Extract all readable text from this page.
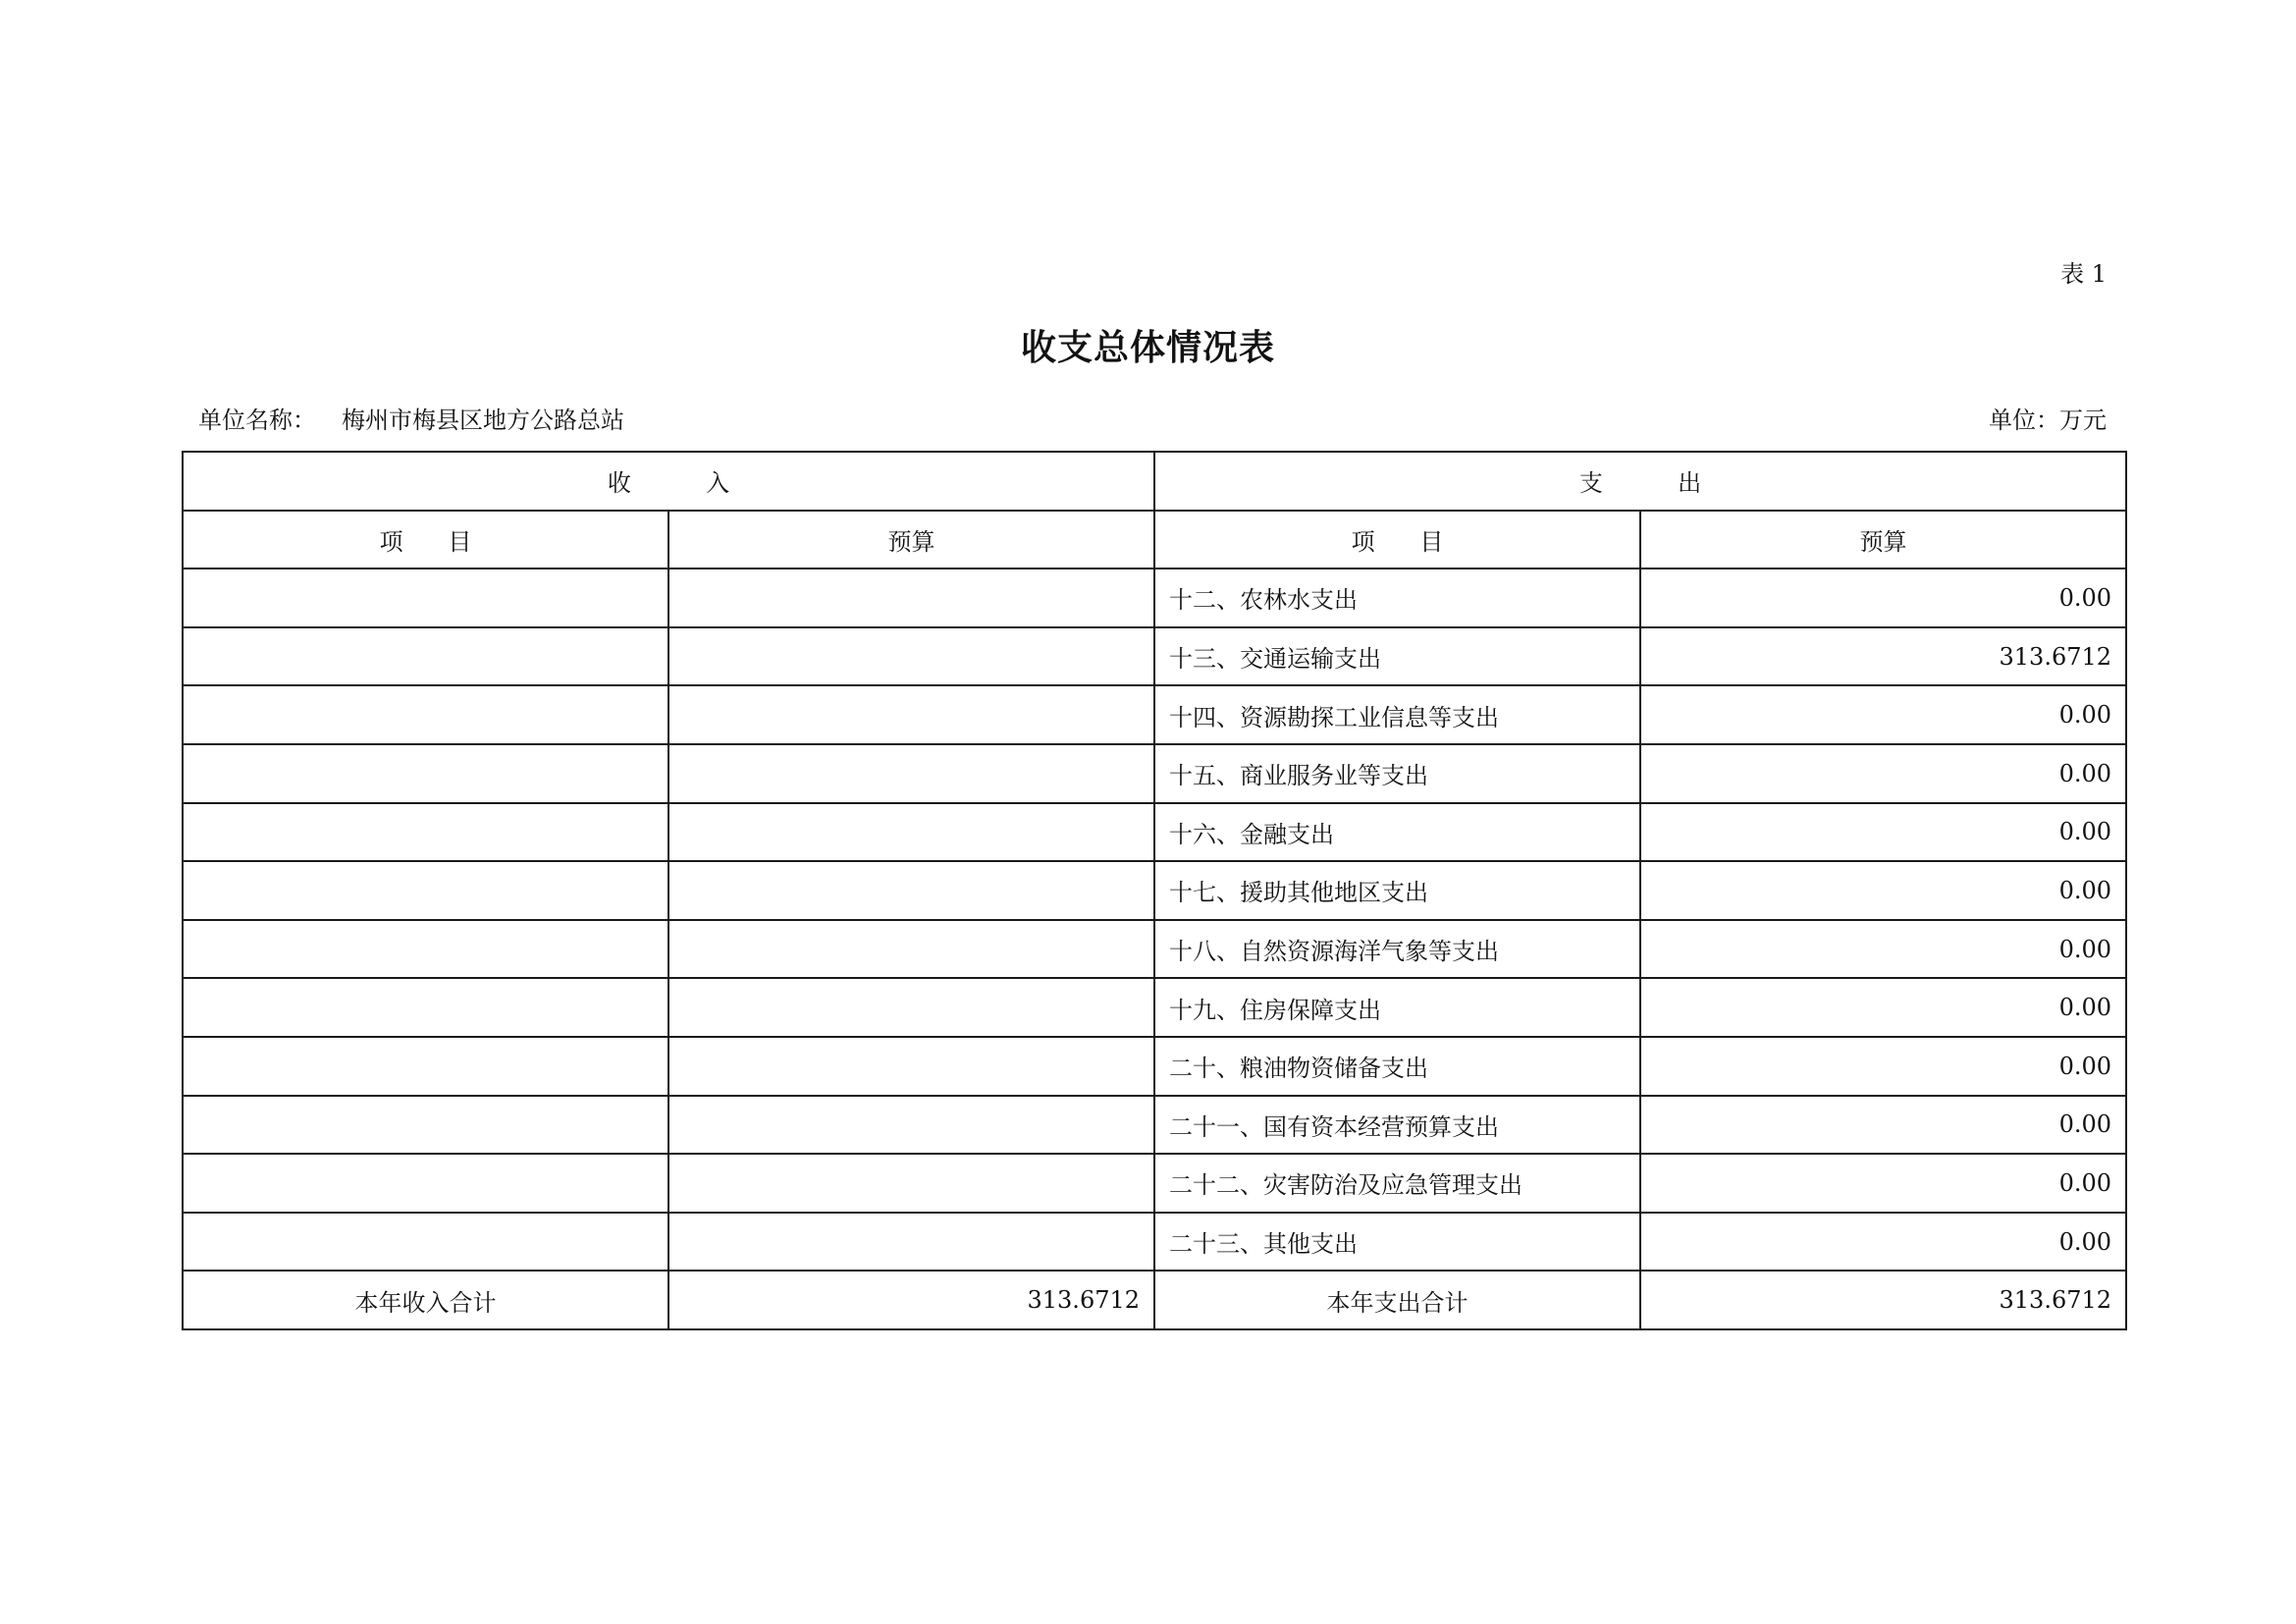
表 1
收支总体情况表
单位名称： 梅州市梅县区地方公路总站	单位：万元
收          入		支          出	
项      目	预算	项      目	预算
		十二、农林水支出	0.00
		十三、交通运输支出	313.6712
		十四、资源勘探工业信息等支出	0.00
		十五、商业服务业等支出	0.00
		十六、金融支出	0.00
		十七、援助其他地区支出	0.00
		十八、自然资源海洋气象等支出	0.00
		十九、住房保障支出	0.00
		二十、粮油物资储备支出	0.00
		二十一、国有资本经营预算支出	0.00
		二十二、灾害防治及应急管理支出	0.00
		二十三、其他支出	0.00
本年收入合计	313.6712	本年支出合计	313.6712
